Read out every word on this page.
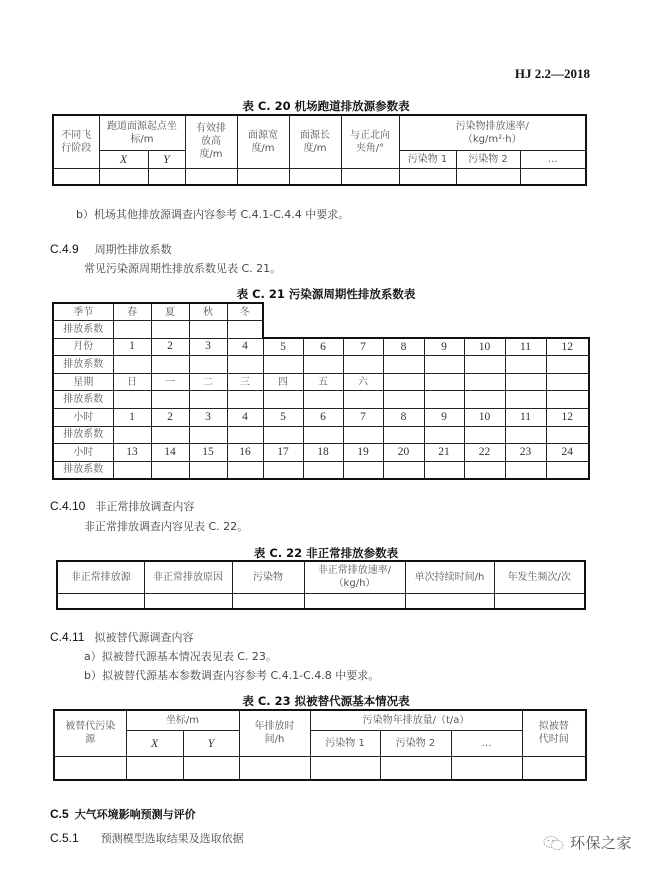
HJ 2.2—2018
表 C. 20 机场跑道排放源参数表
不同飞行阶段	跑道面源起点坐标/m		有效排放高度/m	面源宽度/m	面源长度/m	与正北向夹角/°	污染物排放速率/（kg/m²·h）		
	X	Y					污染物 1	污染物 2	…

b）机场其他排放源调查内容参考 C.4.1-C.4.4 中要求。
C.4.9 周期性排放系数
常见污染源周期性排放系数见表 C. 21。
表 C. 21 污染源周期性排放系数表
季节	春	夏	秋	冬								
排放系数												
月份	1	2	3	4	5	6	7	8	9	10	11	12
排放系数												
星期	日	一	二	三	四	五	六					
排放系数												
小时	1	2	3	4	5	6	7	8	9	10	11	12
排放系数												
小时	13	14	15	16	17	18	19	20	21	22	23	24
排放系数												
C.4.10 非正常排放调查内容
非正常排放调查内容见表 C. 22。
表 C. 22 非正常排放参数表
非正常排放源	非正常排放原因	污染物	非正常排放速率/（kg/h）	单次持续时间/h	年发生频次/次

C.4.11 拟被替代源调查内容
a）拟被替代源基本情况表见表 C. 23。
b）拟被替代源基本参数调查内容参考 C.4.1-C.4.8 中要求。
表 C. 23 拟被替代源基本情况表
被替代污染源	坐标/m		年排放时间/h	污染物年排放量/（t/a）			拟被替代时间
	X	Y		污染物 1	污染物 2	…	

C.5 大气环境影响预测与评价
C.5.1 预测模型选取结果及选取依据	环保之家
